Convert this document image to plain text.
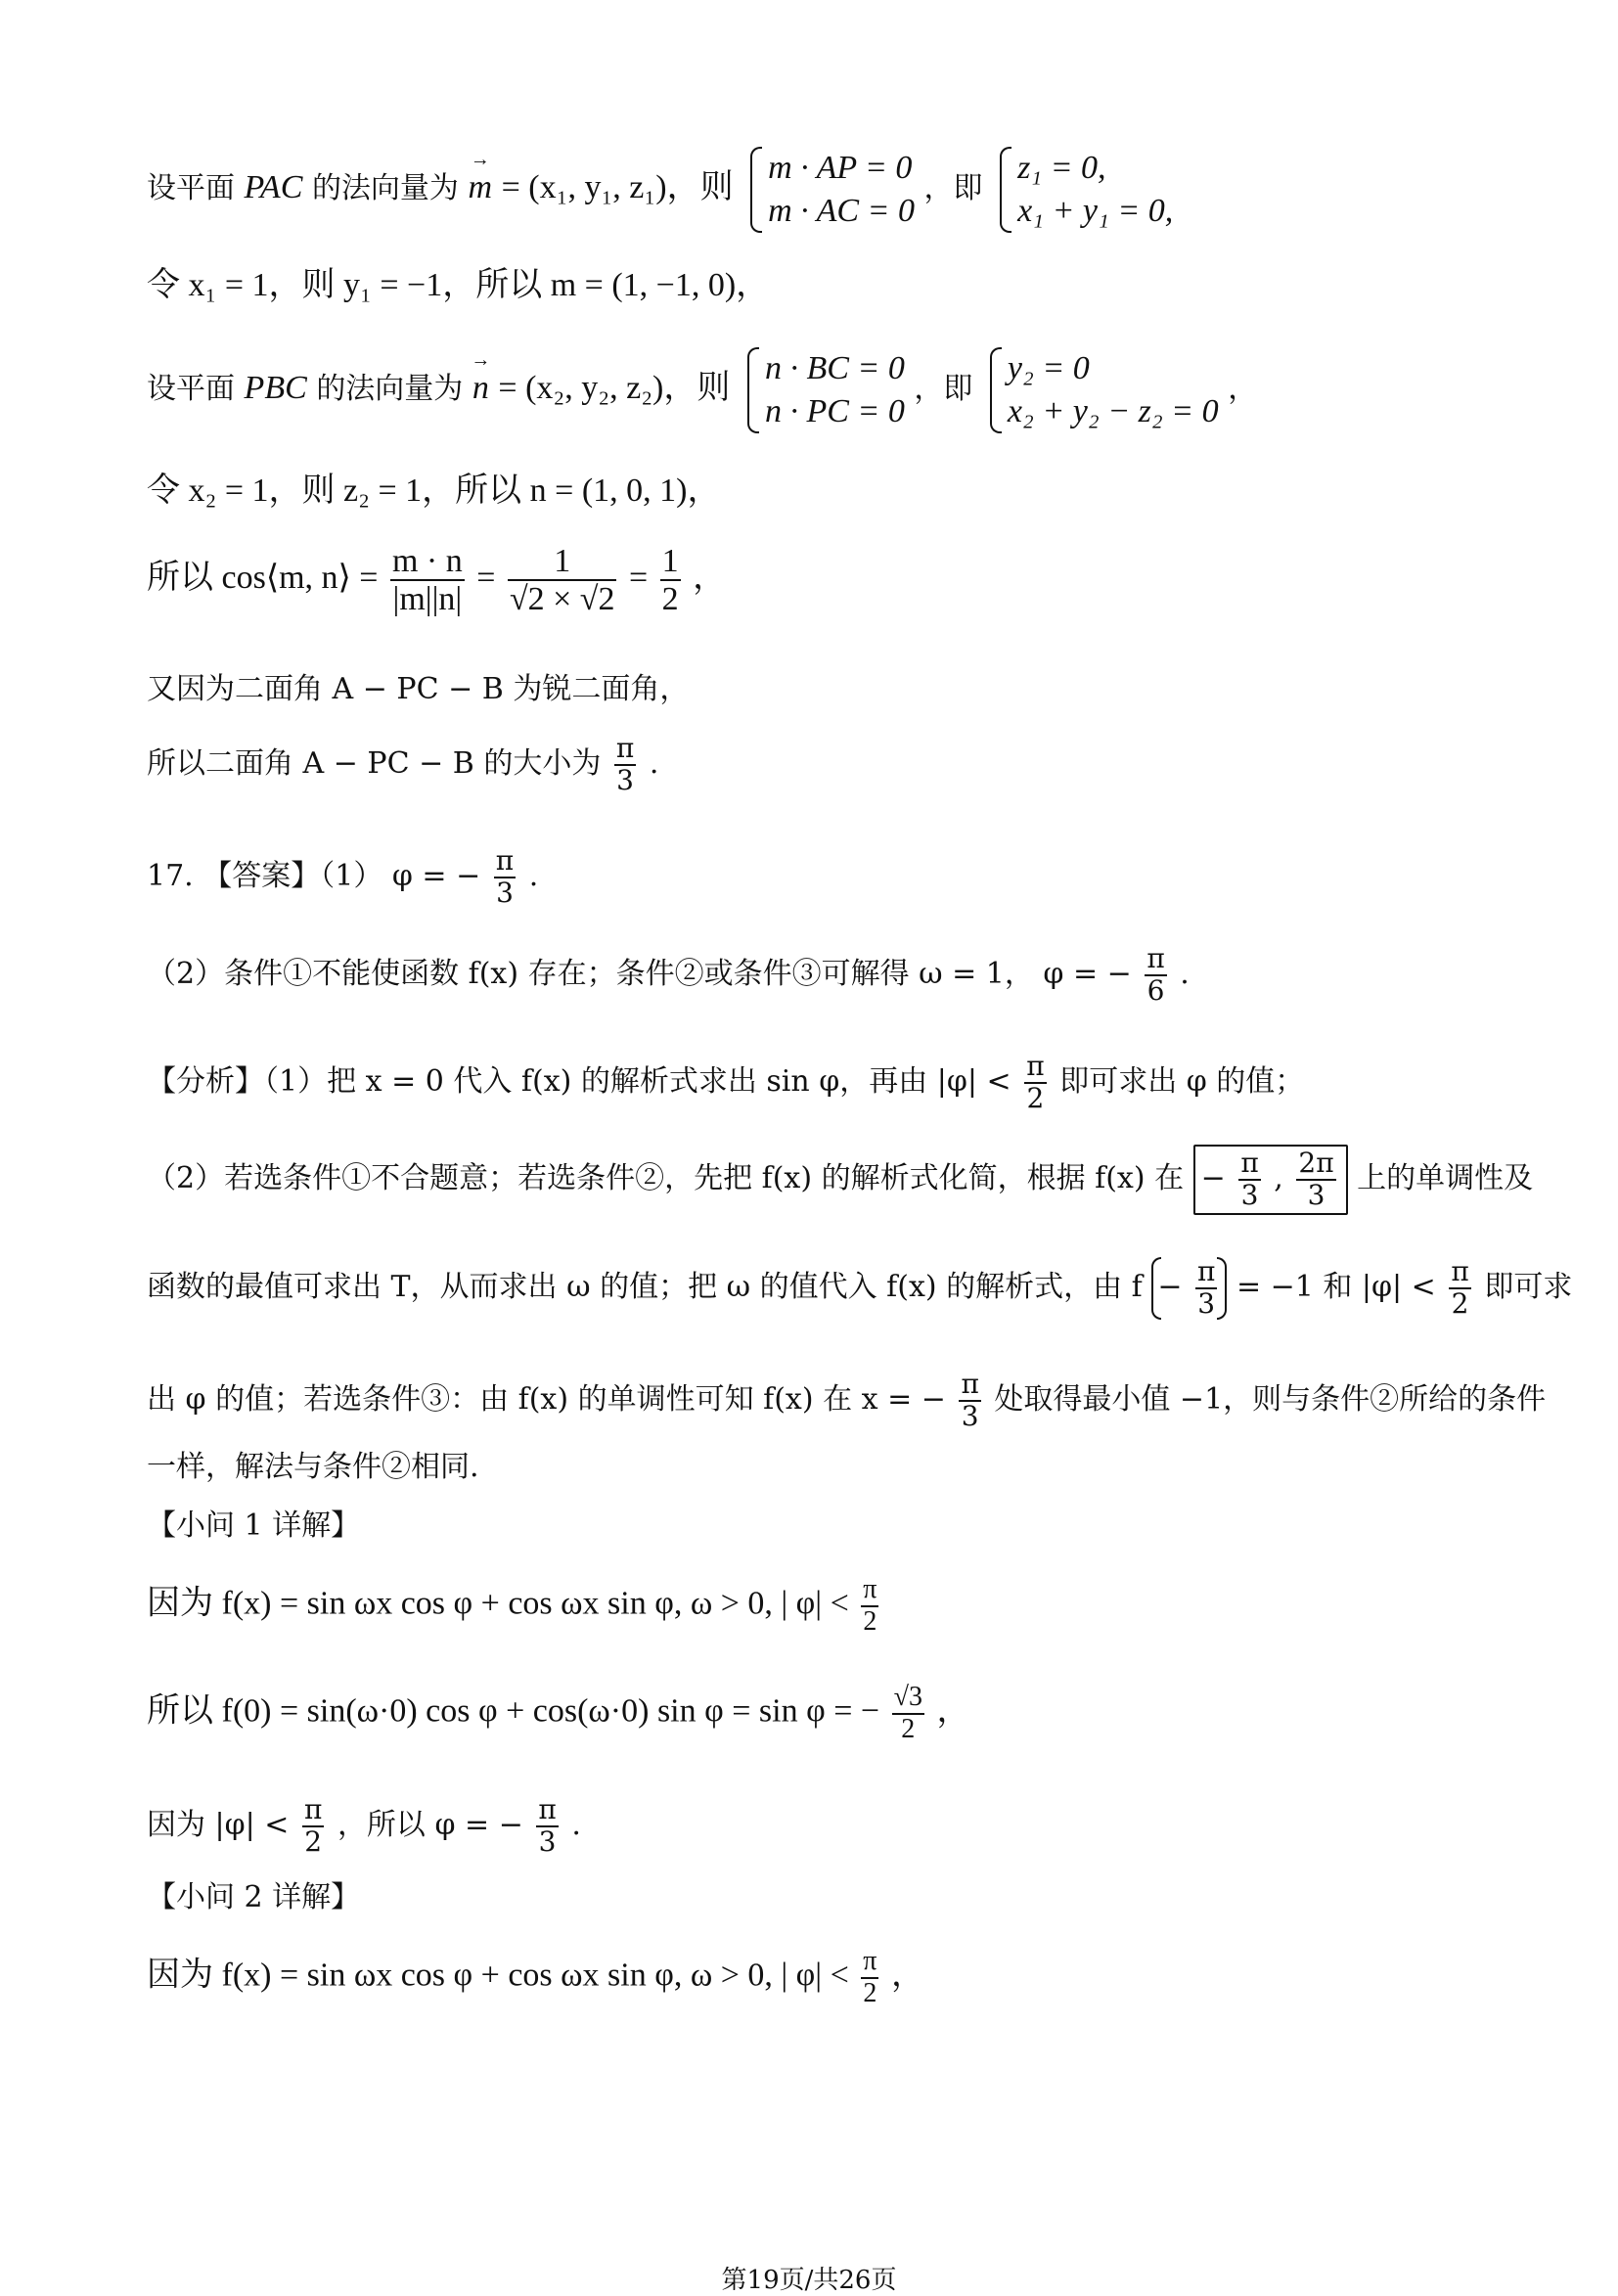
设平面 PAC 的法向量为 m → = (x₁, y₁, z₁)，则
m · AP = 0
m · AC = 0
，即
z₁ = 0,
x₁ + y₁ = 0,
令 x₁ = 1，则 y₁ = −1，所以 m = (1, −1, 0)，
设平面 PBC 的法向量为 n → = (x₂, y₂, z₂)，则
n · BC = 0
n · PC = 0
，即
y₂ = 0
x₂ + y₂ − z₂ = 0
，
令 x₂ = 1，则 z₂ = 1，所以 n = (1, 0, 1)，
所以 cos⟨m, n⟩ = $\frac{m \cdot n}{|m||n|} = \frac{1}{√2 \times √2} = \frac{1}{2}$ ，
又因为二面角 A − PC − B 为锐二面角，
所以二面角 A − PC − B 的大小为 $\frac{\pi}{3}$ .
17. 【答案】（1） φ = − $\frac{\pi}{3}$ .
（2）条件①不能使函数 f(x) 存在；条件②或条件③可解得 ω = 1， φ = − $\frac{\pi}{6}$ .
【分析】（1）把 x = 0 代入 f(x) 的解析式求出 sin φ，再由 $|\varphi| < \frac{\pi}{2}$ 即可求出 φ 的值；
（2）若选条件①不合题意；若选条件②，先把 f(x) 的解析式化简，根据 f(x) 在 − $\frac{\pi}{3}$ , $\frac{2\pi}{3}$ 上的单调性及
函数的最值可求出 T，从而求出 ω 的值；把 ω 的值代入 f(x) 的解析式，由 $f - \frac{\pi}{3} = -1$ 和 $|\varphi| < \frac{\pi}{2}$ 即可求
出 φ 的值；若选条件③：由 f(x) 的单调性可知 f(x) 在 x = − $\frac{\pi}{3}$ 处取得最小值 −1，则与条件②所给的条件
一样，解法与条件②相同.
【小问 1 详解】
因为 f(x) = sin ωx cos φ + cos ωx sin φ, ω > 0, | $\varphi| < \frac{\pi}{2}$
所以 f(0) = sin(ω·0) cos φ + cos(ω·0) sin φ = sin φ = − $\frac{√3}{2}$ ，
因为 $|\varphi| < \frac{\pi}{2}$ ，所以 φ = − $\frac{\pi}{3}$ .
【小问 2 详解】
因为 f(x) = sin ωx cos φ + cos ωx sin φ, ω > 0, | $\varphi| < \frac{\pi}{2}$ ，
第19页/共26页
